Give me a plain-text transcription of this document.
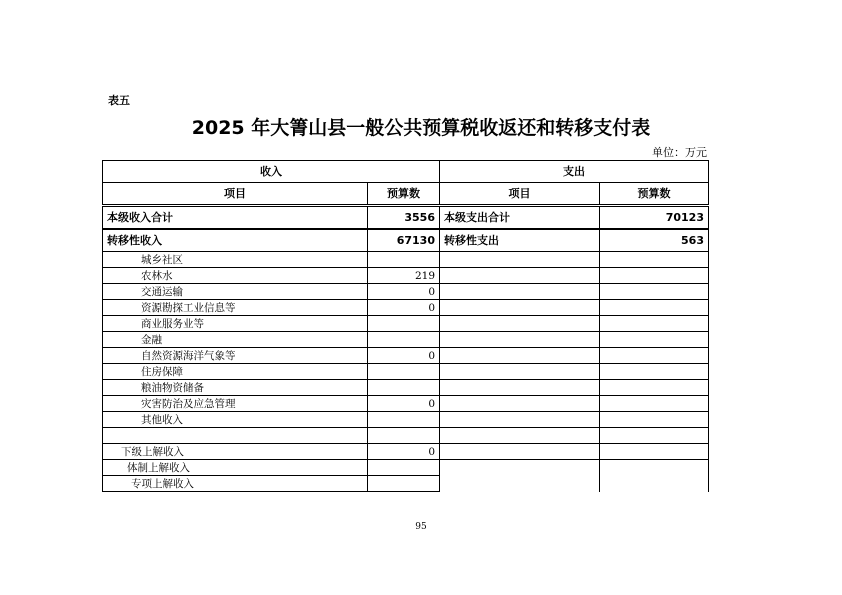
表五
2025 年大箐山县一般公共预算税收返还和转移支付表
单位：万元
收入		支出	
项目	预算数		项目	预算数
本级收入合计	3556		本级支出合计	70123
转移性收入	67130		转移性支出	563
城乡社区				
农林水	219			
交通运输	0			
资源勘探工业信息等	0			
商业服务业等				
金融				
自然资源海洋气象等	0			
住房保障				
粮油物资储备				
灾害防治及应急管理	0			
其他收入				

下级上解收入	0			
体制上解收入				
专项上解收入				
95
